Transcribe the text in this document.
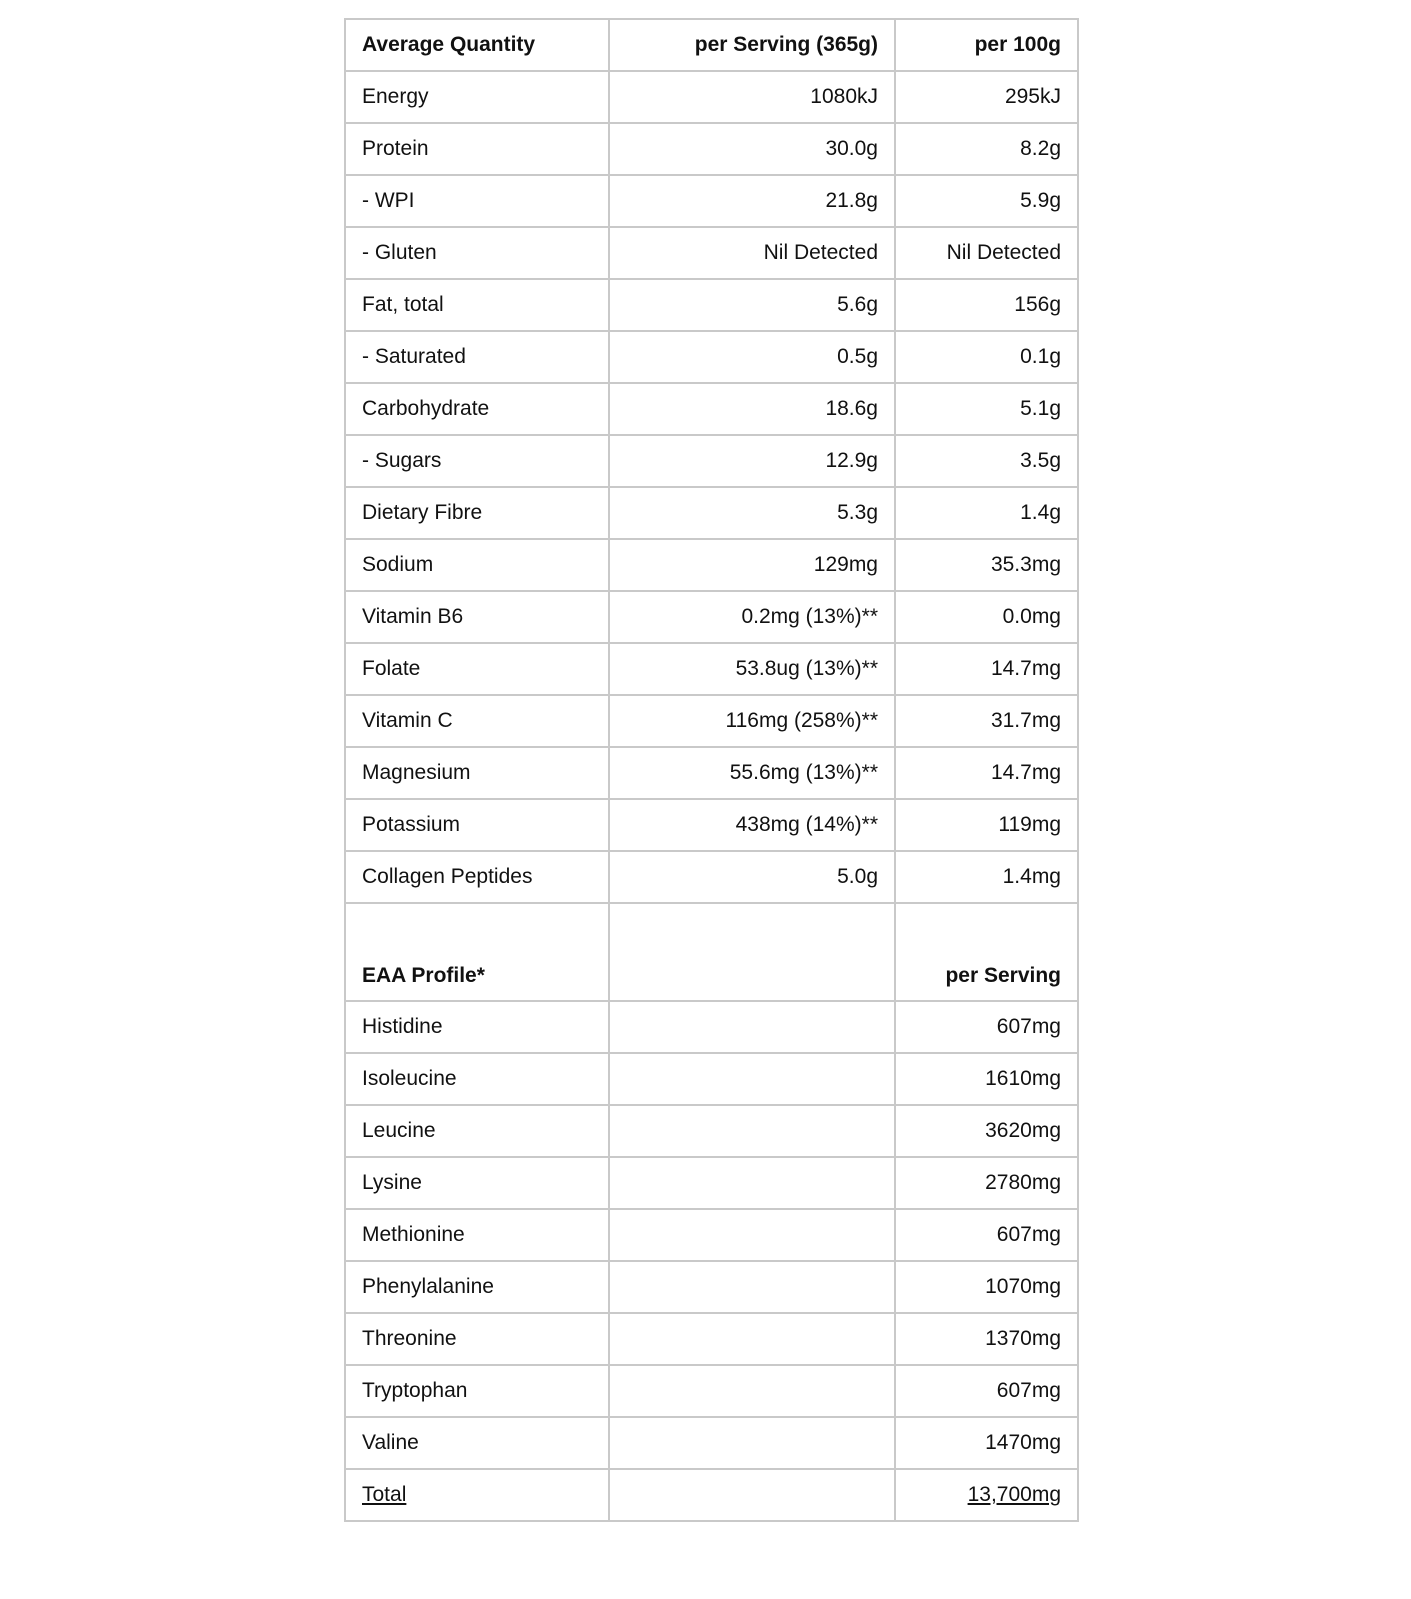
Average Quantity	per Serving (365g)	per 100g
Energy	1080kJ	295kJ
Protein	30.0g	8.2g
- WPI	21.8g	5.9g
- Gluten	Nil Detected	Nil Detected
Fat, total	5.6g	156g
- Saturated	0.5g	0.1g
Carbohydrate	18.6g	5.1g
- Sugars	12.9g	3.5g
Dietary Fibre	5.3g	1.4g
Sodium	129mg	35.3mg
Vitamin B6	0.2mg (13%)**	0.0mg
Folate	53.8ug (13%)**	14.7mg
Vitamin C	116mg (258%)**	31.7mg
Magnesium	55.6mg (13%)**	14.7mg
Potassium	438mg (14%)**	119mg
Collagen Peptides	5.0g	1.4mg
EAA Profile*		per Serving
Histidine		607mg
Isoleucine		1610mg
Leucine		3620mg
Lysine		2780mg
Methionine		607mg
Phenylalanine		1070mg
Threonine		1370mg
Tryptophan		607mg
Valine		1470mg
Total		13,700mg
